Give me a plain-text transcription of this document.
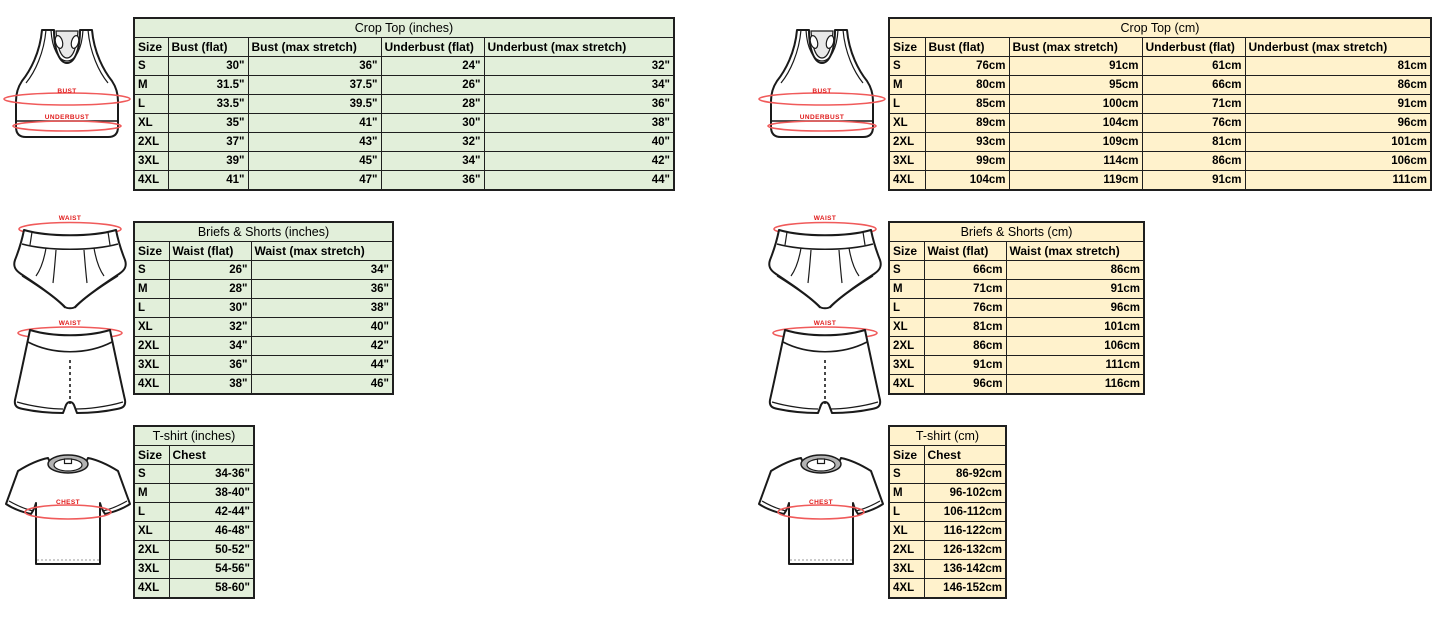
BUST
UNDERBUST
Crop Top (inches)				
Size	Bust (flat)	Bust (max stretch)	Underbust (flat)	Underbust (max stretch)
S	30"	36"	24"	32"
M	31.5"	37.5"	26"	34"
L	33.5"	39.5"	28"	36"
XL	35"	41"	30"	38"
2XL	37"	43"	32"	40"
3XL	39"	45"	34"	42"
4XL	41"	47"	36"	44"
WAIST
Briefs & Shorts (inches)		
Size	Waist (flat)	Waist (max stretch)
S	26"	34"
M	28"	36"
L	30"	38"
XL	32"	40"
2XL	34"	42"
3XL	36"	44"
4XL	38"	46"
WAIST
T-shirt (inches)	
Size	Chest
S	34-36"
M	38-40"
L	42-44"
XL	46-48"
2XL	50-52"
3XL	54-56"
4XL	58-60"
CHEST
BUST
UNDERBUST
Crop Top (cm)				
Size	Bust (flat)	Bust (max stretch)	Underbust (flat)	Underbust (max stretch)
S	76cm	91cm	61cm	81cm
M	80cm	95cm	66cm	86cm
L	85cm	100cm	71cm	91cm
XL	89cm	104cm	76cm	96cm
2XL	93cm	109cm	81cm	101cm
3XL	99cm	114cm	86cm	106cm
4XL	104cm	119cm	91cm	111cm
WAIST
Briefs & Shorts (cm)		
Size	Waist (flat)	Waist (max stretch)
S	66cm	86cm
M	71cm	91cm
L	76cm	96cm
XL	81cm	101cm
2XL	86cm	106cm
3XL	91cm	111cm
4XL	96cm	116cm
WAIST
T-shirt (cm)	
Size	Chest
S	86-92cm
M	96-102cm
L	106-112cm
XL	116-122cm
2XL	126-132cm
3XL	136-142cm
4XL	146-152cm
CHEST
